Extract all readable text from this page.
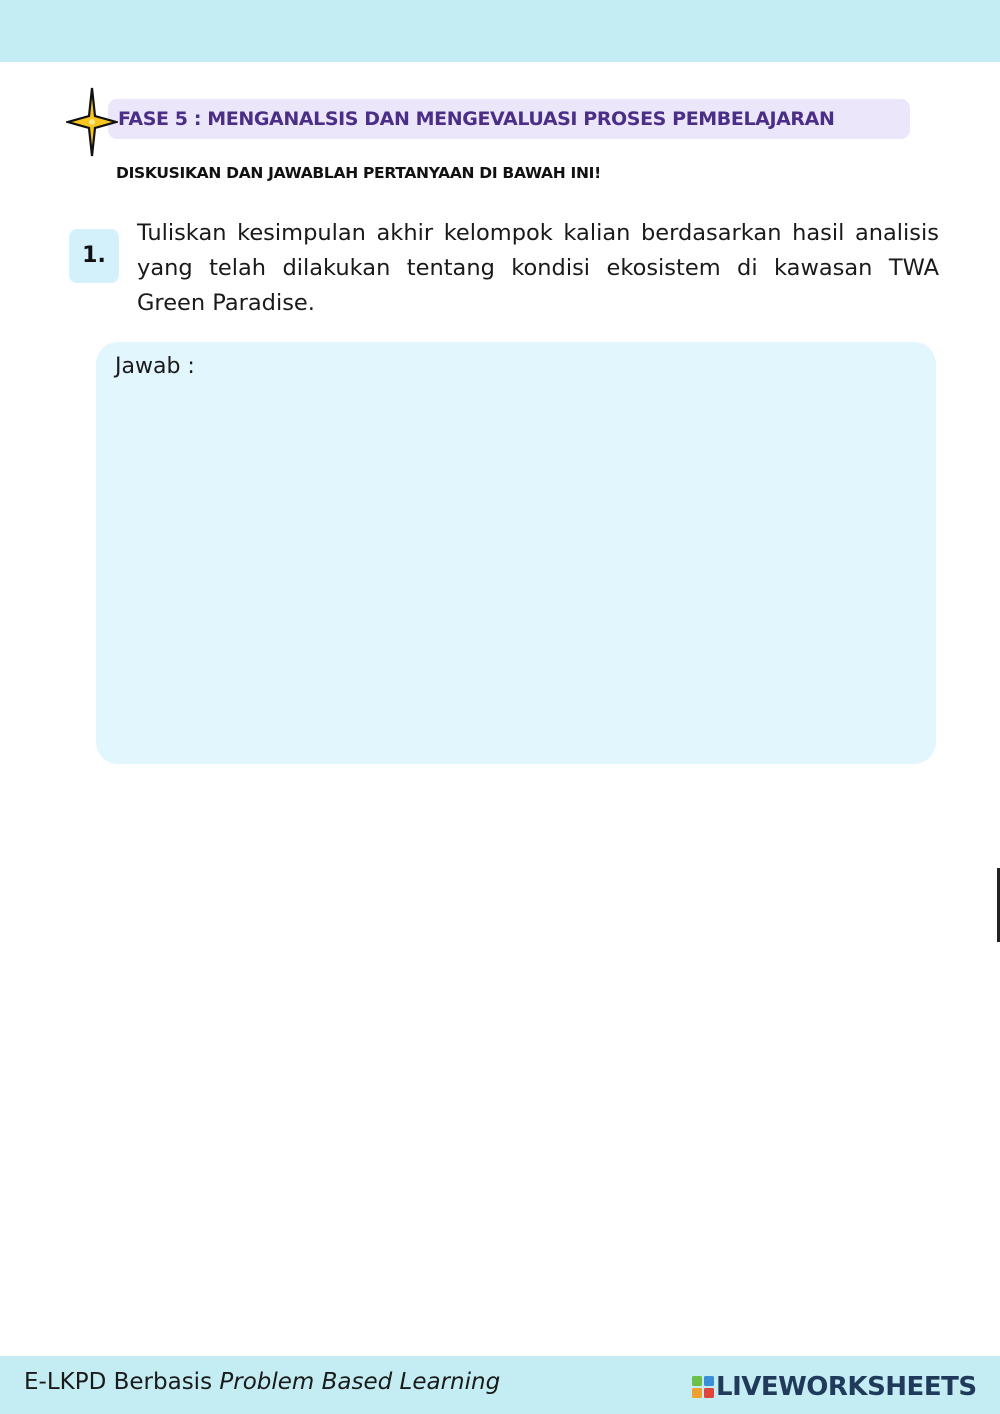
FASE 5 : MENGANALSIS DAN MENGEVALUASI PROSES PEMBELAJARAN
DISKUSIKAN DAN JAWABLAH PERTANYAAN DI BAWAH INI!
1.
Tuliskan kesimpulan akhir kelompok kalian berdasarkan hasil analisis yang telah dilakukan tentang kondisi ekosistem di kawasan TWA Green Paradise.
Jawab :
E-LKPD Berbasis Problem Based Learning	LIVEWORKSHEETS
